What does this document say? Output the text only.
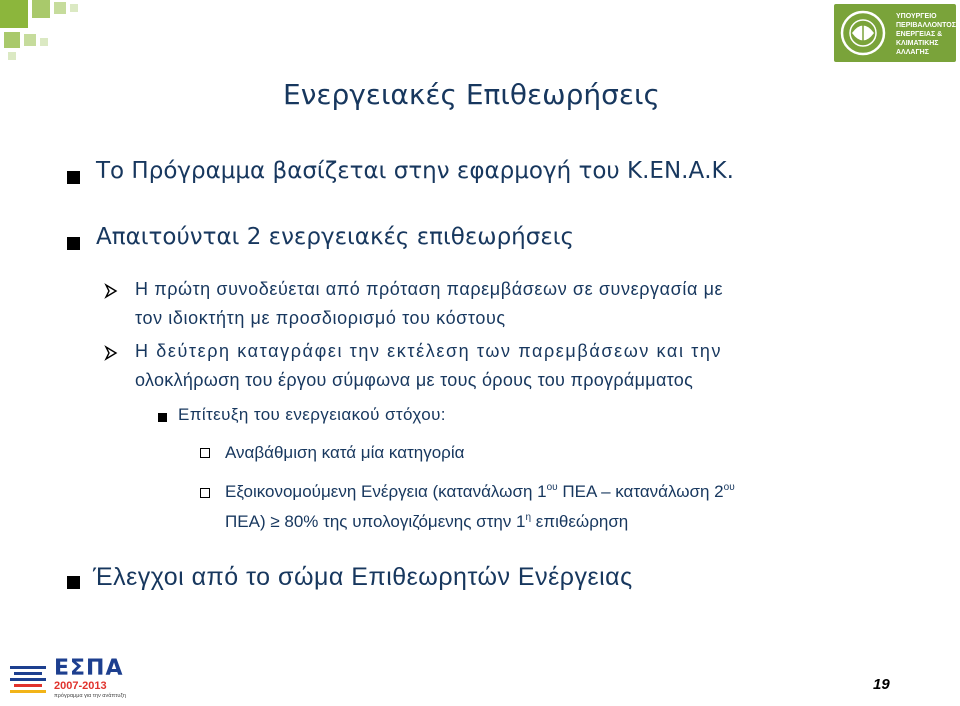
ΥΠΟΥΡΓΕΙΟ
ΠΕΡΙΒΑΛΛΟΝΤΟΣ
ΕΝΕΡΓΕΙΑΣ &
ΚΛΙΜΑΤΙΚΗΣ
ΑΛΛΑΓΗΣ
Ενεργειακές Επιθεωρήσεις
Το Πρόγραμμα βασίζεται στην εφαρμογή του Κ.ΕΝ.Α.Κ.
Απαιτούνται 2 ενεργειακές επιθεωρήσεις
Η πρώτη συνοδεύεται από πρόταση παρεμβάσεων σε συνεργασία με
τον ιδιοκτήτη με προσδιορισμό του κόστους
Η δεύτερη καταγράφει την εκτέλεση των παρεμβάσεων και την
ολοκλήρωση του έργου σύμφωνα με τους όρους του προγράμματος
Επίτευξη του ενεργειακού στόχου:
Αναβάθμιση κατά μία κατηγορία
Εξοικονομούμενη Ενέργεια (κατανάλωση $1^{o\upsilon}$ ΠΕΑ – κατανάλωση $2^{o\upsilon}$
ΠΕΑ) ≥ 80% της υπολογιζόμενης στην $1^\eta$ επιθεώρηση
Έλεγχοι από το σώμα Επιθεωρητών Ενέργειας
ΕΣΠΑ
2007-2013
πρόγραμμα για την ανάπτυξη
19
